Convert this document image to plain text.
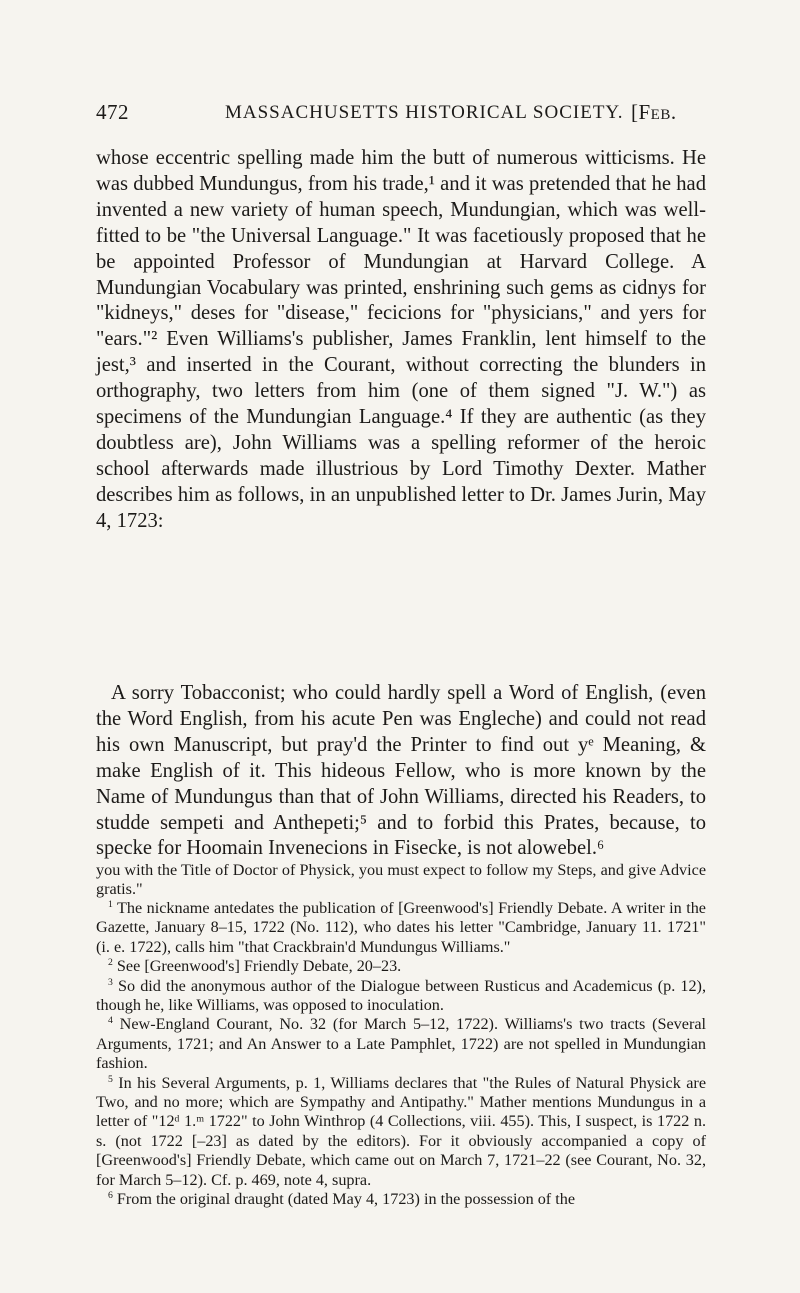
472	MASSACHUSETTS HISTORICAL SOCIETY. [Feb.

whose eccentric spelling made him the butt of numerous witticisms. He was dubbed Mundungus, from his trade,¹ and it was pretended that he had invented a new variety of human speech, Mundungian, which was well-fitted to be "the Universal Language." It was facetiously proposed that he be appointed Professor of Mundungian at Harvard College. A Mundungian Vocabulary was printed, enshrining such gems as cidnys for "kidneys," deses for "disease," fecicions for "physicians," and yers for "ears."² Even Williams's publisher, James Franklin, lent himself to the jest,³ and inserted in the Courant, without correcting the blunders in orthography, two letters from him (one of them signed "J. W.") as specimens of the Mundungian Language.⁴ If they are authentic (as they doubtless are), John Williams was a spelling reformer of the heroic school afterwards made illustrious by Lord Timothy Dexter. Mather describes him as follows, in an unpublished letter to Dr. James Jurin, May 4, 1723:

A sorry Tobacconist; who could hardly spell a Word of English, (even the Word English, from his acute Pen was Engleche) and could not read his own Manuscript, but pray'd the Printer to find out yᵉ Meaning, & make English of it. This hideous Fellow, who is more known by the Name of Mundungus than that of John Williams, directed his Readers, to studde sempeti and Anthepeti;⁵ and to forbid this Prates, because, to specke for Hoomain Invenecions in Fisecke, is not alowebel.⁶

you with the Title of Doctor of Physick, you must expect to follow my Steps, and give Advice gratis."

$^1$ The nickname antedates the publication of [Greenwood's] Friendly Debate. A writer in the Gazette, January 8–15, 1722 (No. 112), who dates his letter "Cambridge, January 11. 1721" (i. e. 1722), calls him "that Crackbrain'd Mundungus Williams."

$^2$ See [Greenwood's] Friendly Debate, 20–23.

$^3$ So did the anonymous author of the Dialogue between Rusticus and Academicus (p. 12), though he, like Williams, was opposed to inoculation.

$^4$ New-England Courant, No. 32 (for March 5–12, 1722). Williams's two tracts (Several Arguments, 1721; and An Answer to a Late Pamphlet, 1722) are not spelled in Mundungian fashion.

$^5$ In his Several Arguments, p. 1, Williams declares that "the Rules of Natural Physick are Two, and no more; which are Sympathy and Antipathy." Mather mentions Mundungus in a letter of "12ᵈ 1.ᵐ 1722" to John Winthrop (4 Collections, viii. 455). This, I suspect, is 1722 n. s. (not 1722 [–23] as dated by the editors). For it obviously accompanied a copy of [Greenwood's] Friendly Debate, which came out on March 7, 1721–22 (see Courant, No. 32, for March 5–12). Cf. p. 469, note 4, supra.

$^6$ From the original draught (dated May 4, 1723) in the possession of the
